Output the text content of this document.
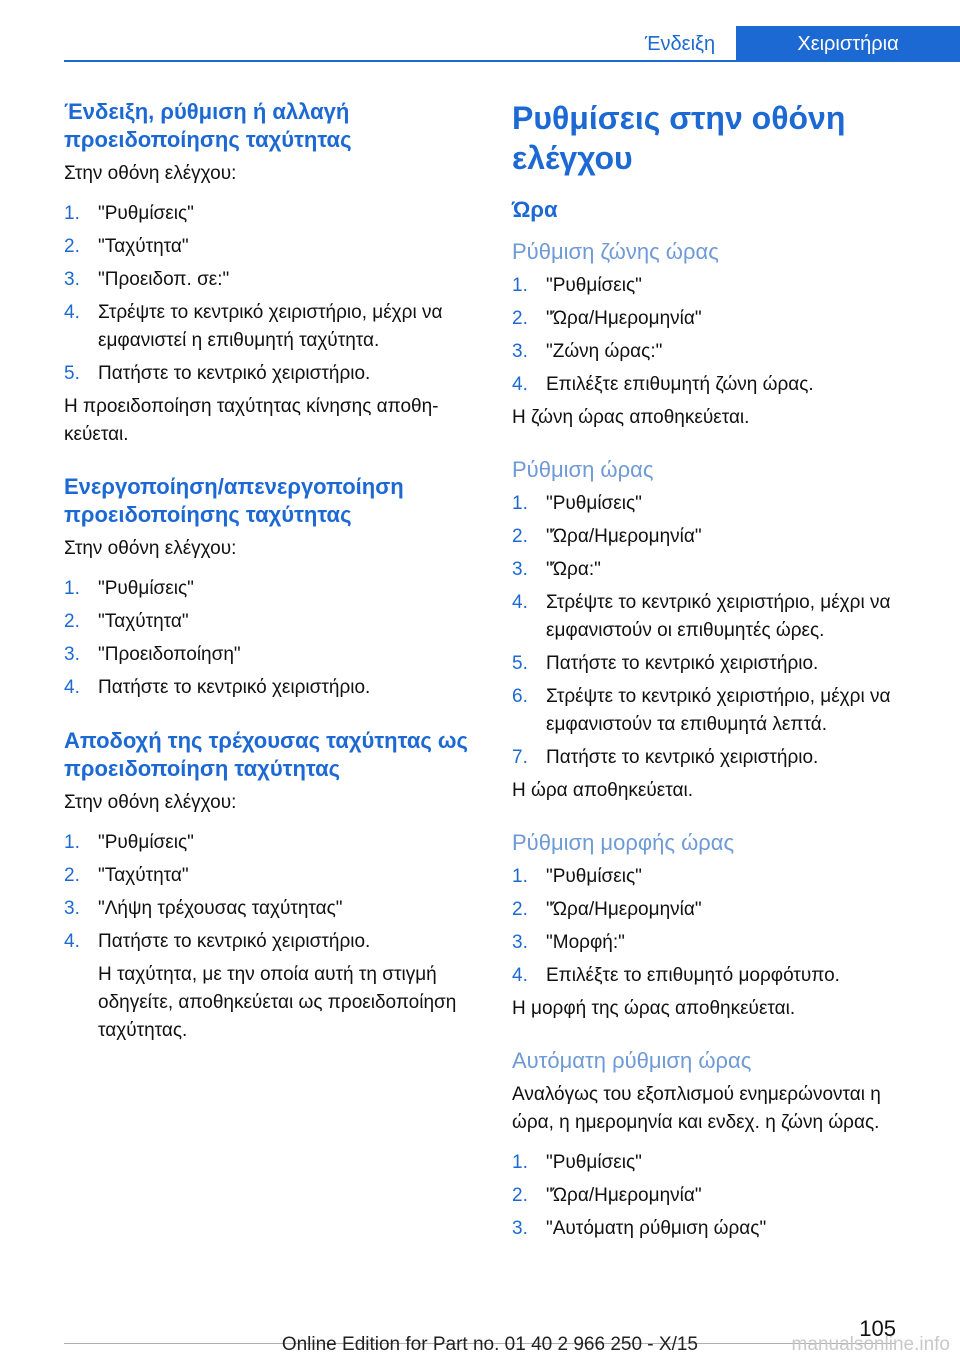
Ένδειξη	Χειριστήρια
Ένδειξη, ρύθμιση ή αλλαγή προειδοποίησης ταχύτητας

Στην οθόνη ελέγχου:

1. "Ρυθμίσεις"
2. "Ταχύτητα"
3. "Προειδοπ. σε:"
4. Στρέψτε το κεντρικό χειριστήριο, μέχρι να εμφανιστεί η επιθυμητή ταχύτητα.
5. Πατήστε το κεντρικό χειριστήριο.

Η προειδοποίηση ταχύτητας κίνησης αποθη-κεύεται.

Ενεργοποίηση/απενεργοποίηση προειδοποίησης ταχύτητας

Στην οθόνη ελέγχου:

1. "Ρυθμίσεις"
2. "Ταχύτητα"
3. "Προειδοποίηση"
4. Πατήστε το κεντρικό χειριστήριο.
Αποδοχή της τρέχουσας ταχύτητας ως προειδοποίηση ταχύτητας

Στην οθόνη ελέγχου:

1. "Ρυθμίσεις"
2. "Ταχύτητα"
3. "Λήψη τρέχουσας ταχύτητας"
4. Πατήστε το κεντρικό χειριστήριο.

Η ταχύτητα, με την οποία αυτή τη στιγμή οδηγείτε, αποθηκεύεται ως προειδοποίηση ταχύτητας.

Ρυθμίσεις στην οθόνη ελέγχου
Ώρα
Ρύθμιση ζώνης ώρας
1. "Ρυθμίσεις"
2. "Ώρα/Ημερομηνία"
3. "Ζώνη ώρας:"
4. Επιλέξτε επιθυμητή ζώνη ώρας.

Η ζώνη ώρας αποθηκεύεται.

Ρύθμιση ώρας
1. "Ρυθμίσεις"
2. "Ώρα/Ημερομηνία"
3. "Ώρα:"
4. Στρέψτε το κεντρικό χειριστήριο, μέχρι να εμφανιστούν οι επιθυμητές ώρες.
5. Πατήστε το κεντρικό χειριστήριο.
6. Στρέψτε το κεντρικό χειριστήριο, μέχρι να εμφανιστούν τα επιθυμητά λεπτά.
7. Πατήστε το κεντρικό χειριστήριο.

Η ώρα αποθηκεύεται.

Ρύθμιση μορφής ώρας
1. "Ρυθμίσεις"
2. "Ώρα/Ημερομηνία"
3. "Μορφή:"
4. Επιλέξτε το επιθυμητό μορφότυπο.

Η μορφή της ώρας αποθηκεύεται.

Αυτόματη ρύθμιση ώρας

Αναλόγως του εξοπλισμού ενημερώνονται η ώρα, η ημερομηνία και ενδεχ. η ζώνη ώρας.

1. "Ρυθμίσεις"
2. "Ώρα/Ημερομηνία"
3. "Αυτόματη ρύθμιση ώρας"
105
Online Edition for Part no. 01 40 2 966 250 - X/15	manualsonline.info
